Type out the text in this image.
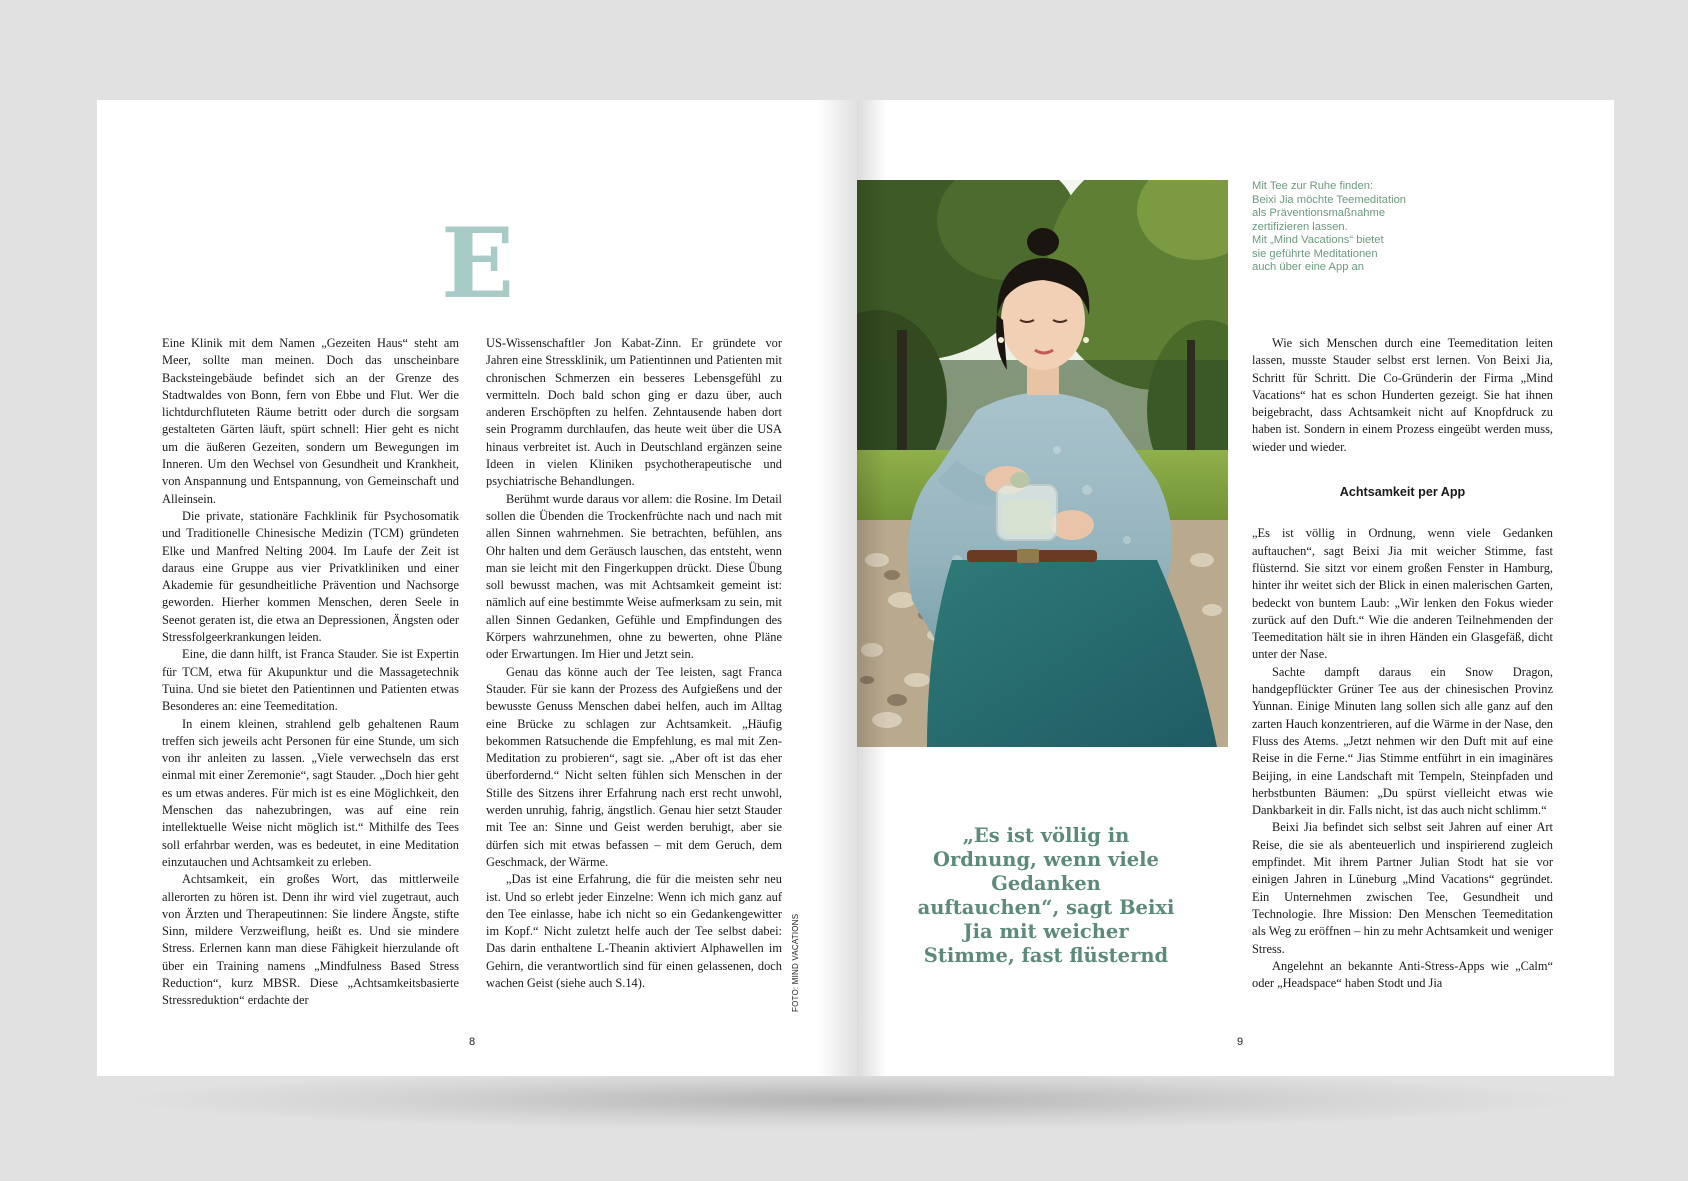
E

Eine Klinik mit dem Namen „Gezeiten Haus“ steht am Meer, sollte man meinen. Doch das unscheinbare Backsteingebäude befindet sich an der Grenze des Stadtwaldes von Bonn, fern von Ebbe und Flut. Wer die lichtdurchfluteten Räume betritt oder durch die sorgsam gestalteten Gärten läuft, spürt schnell: Hier geht es nicht um die äußeren Gezeiten, sondern um Bewegungen im Inneren. Um den Wechsel von Gesundheit und Krankheit, von Anspannung und Entspannung, von Gemeinschaft und Alleinsein.

Die private, stationäre Fachklinik für Psychosomatik und Traditionelle Chinesische Medizin (TCM) gründeten Elke und Manfred Nelting 2004. Im Laufe der Zeit ist daraus eine Gruppe aus vier Privatkliniken und einer Akademie für gesundheitliche Prävention und Nachsorge geworden. Hierher kommen Menschen, deren Seele in Seenot geraten ist, die etwa an Depressionen, Ängsten oder Stressfolgeerkrankungen leiden.

Eine, die dann hilft, ist Franca Stauder. Sie ist Expertin für TCM, etwa für Akupunktur und die Massagetechnik Tuina. Und sie bietet den Patientinnen und Patienten etwas Besonderes an: eine Teemeditation.

In einem kleinen, strahlend gelb gehaltenen Raum treffen sich jeweils acht Personen für eine Stunde, um sich von ihr anleiten zu lassen. „Viele verwechseln das erst einmal mit einer Zeremonie“, sagt Stauder. „Doch hier geht es um etwas anderes. Für mich ist es eine Möglichkeit, den Menschen das nahezubringen, was auf eine rein intellektuelle Weise nicht möglich ist.“ Mithilfe des Tees soll erfahrbar werden, was es bedeutet, in eine Meditation einzutauchen und Achtsamkeit zu erleben.

Achtsamkeit, ein großes Wort, das mittlerweile allerorten zu hören ist. Denn ihr wird viel zugetraut, auch von Ärzten und Therapeutinnen: Sie lindere Ängste, stifte Sinn, mildere Verzweiflung, heißt es. Und sie mindere Stress. Erlernen kann man diese Fähigkeit hierzulande oft über ein Training namens „Mindfulness Based Stress Reduction“, kurz MBSR. Diese „Achtsamkeitsbasierte Stressreduktion“ erdachte der

US-Wissenschaftler Jon Kabat-Zinn. Er gründete vor Jahren eine Stressklinik, um Patientinnen und Patienten mit chronischen Schmerzen ein besseres Lebensgefühl zu vermitteln. Doch bald schon ging er dazu über, auch anderen Erschöpften zu helfen. Zehntausende haben dort sein Programm durchlaufen, das heute weit über die USA hinaus verbreitet ist. Auch in Deutschland ergänzen seine Ideen in vielen Kliniken psychotherapeutische und psychiatrische Behandlungen.

Berühmt wurde daraus vor allem: die Rosine. Im Detail sollen die Übenden die Trockenfrüchte nach und nach mit allen Sinnen wahrnehmen. Sie betrachten, befühlen, ans Ohr halten und dem Geräusch lauschen, das entsteht, wenn man sie leicht mit den Fingerkuppen drückt. Diese Übung soll bewusst machen, was mit Achtsamkeit gemeint ist: nämlich auf eine bestimmte Weise aufmerksam zu sein, mit allen Sinnen Gedanken, Gefühle und Empfindungen des Körpers wahrzunehmen, ohne zu bewerten, ohne Pläne oder Erwartungen. Im Hier und Jetzt sein.

Genau das könne auch der Tee leisten, sagt Franca Stauder. Für sie kann der Prozess des Aufgießens und der bewusste Genuss Menschen dabei helfen, auch im Alltag eine Brücke zu schlagen zur Achtsamkeit. „Häufig bekommen Ratsuchende die Empfehlung, es mal mit Zen-Meditation zu probieren“, sagt sie. „Aber oft ist das eher überfordernd.“ Nicht selten fühlen sich Menschen in der Stille des Sitzens ihrer Erfahrung nach erst recht unwohl, werden unruhig, fahrig, ängstlich. Genau hier setzt Stauder mit Tee an: Sinne und Geist werden beruhigt, aber sie dürfen sich mit etwas befassen – mit dem Geruch, dem Geschmack, der Wärme.

„Das ist eine Erfahrung, die für die meisten sehr neu ist. Und so erlebt jeder Einzelne: Wenn ich mich ganz auf den Tee einlasse, habe ich nicht so ein Gedankengewitter im Kopf.“ Nicht zuletzt helfe auch der Tee selbst dabei: Das darin enthaltene L-Theanin aktiviert Alphawellen im Gehirn, die verantwortlich sind für einen gelassenen, doch wachen Geist (siehe auch S.14).	FOTO: MIND VACATIONS
8
Mit Tee zur Ruhe finden:
Beixi Jia möchte Teemeditation
als Präventionsmaßnahme
zertifizieren lassen.
Mit „Mind Vacations“ bietet
sie geführte Meditationen
auch über eine App an

Wie sich Menschen durch eine Teemeditation leiten lassen, musste Stauder selbst erst lernen. Von Beixi Jia, Schritt für Schritt. Die Co-Gründerin der Firma „Mind Vacations“ hat es schon Hunderten gezeigt. Sie hat ihnen beigebracht, dass Achtsamkeit nicht auf Knopfdruck zu haben ist. Sondern in einem Prozess eingeübt werden muss, wieder und wieder.

Achtsamkeit per App

„Es ist völlig in Ordnung, wenn viele Gedanken auftauchen“, sagt Beixi Jia mit weicher Stimme, fast flüsternd. Sie sitzt vor einem großen Fenster in Hamburg, hinter ihr weitet sich der Blick in einen malerischen Garten, bedeckt von buntem Laub: „Wir lenken den Fokus wieder zurück auf den Duft.“ Wie die anderen Teilnehmenden der Teemeditation hält sie in ihren Händen ein Glasgefäß, dicht unter der Nase.

Sachte dampft daraus ein Snow Dragon, handgepflückter Grüner Tee aus der chinesischen Provinz Yunnan. Einige Minuten lang sollen sich alle ganz auf den zarten Hauch konzentrieren, auf die Wärme in der Nase, den Fluss des Atems. „Jetzt nehmen wir den Duft mit auf eine Reise in die Ferne.“ Jias Stimme entführt in ein imaginäres Beijing, in eine Landschaft mit Tempeln, Steinpfaden und herbstbunten Bäumen: „Du spürst vielleicht etwas wie Dankbarkeit in dir. Falls nicht, ist das auch nicht schlimm.“

Beixi Jia befindet sich selbst seit Jahren auf einer Art Reise, die sie als abenteuerlich und inspirierend zugleich empfindet. Mit ihrem Partner Julian Stodt hat sie vor einigen Jahren in Lüneburg „Mind Vacations“ gegründet. Ein Unternehmen zwischen Tee, Gesundheit und Technologie. Ihre Mission: Den Menschen Teemeditation als Weg zu eröffnen – hin zu mehr Achtsamkeit und weniger Stress.

Angelehnt an bekannte Anti-Stress-Apps wie „Calm“ oder „Headspace“ haben Stodt und Jia

„Es ist völlig in Ordnung, wenn viele Gedanken auftauchen“, sagt Beixi Jia mit weicher Stimme, fast flüsternd
9
